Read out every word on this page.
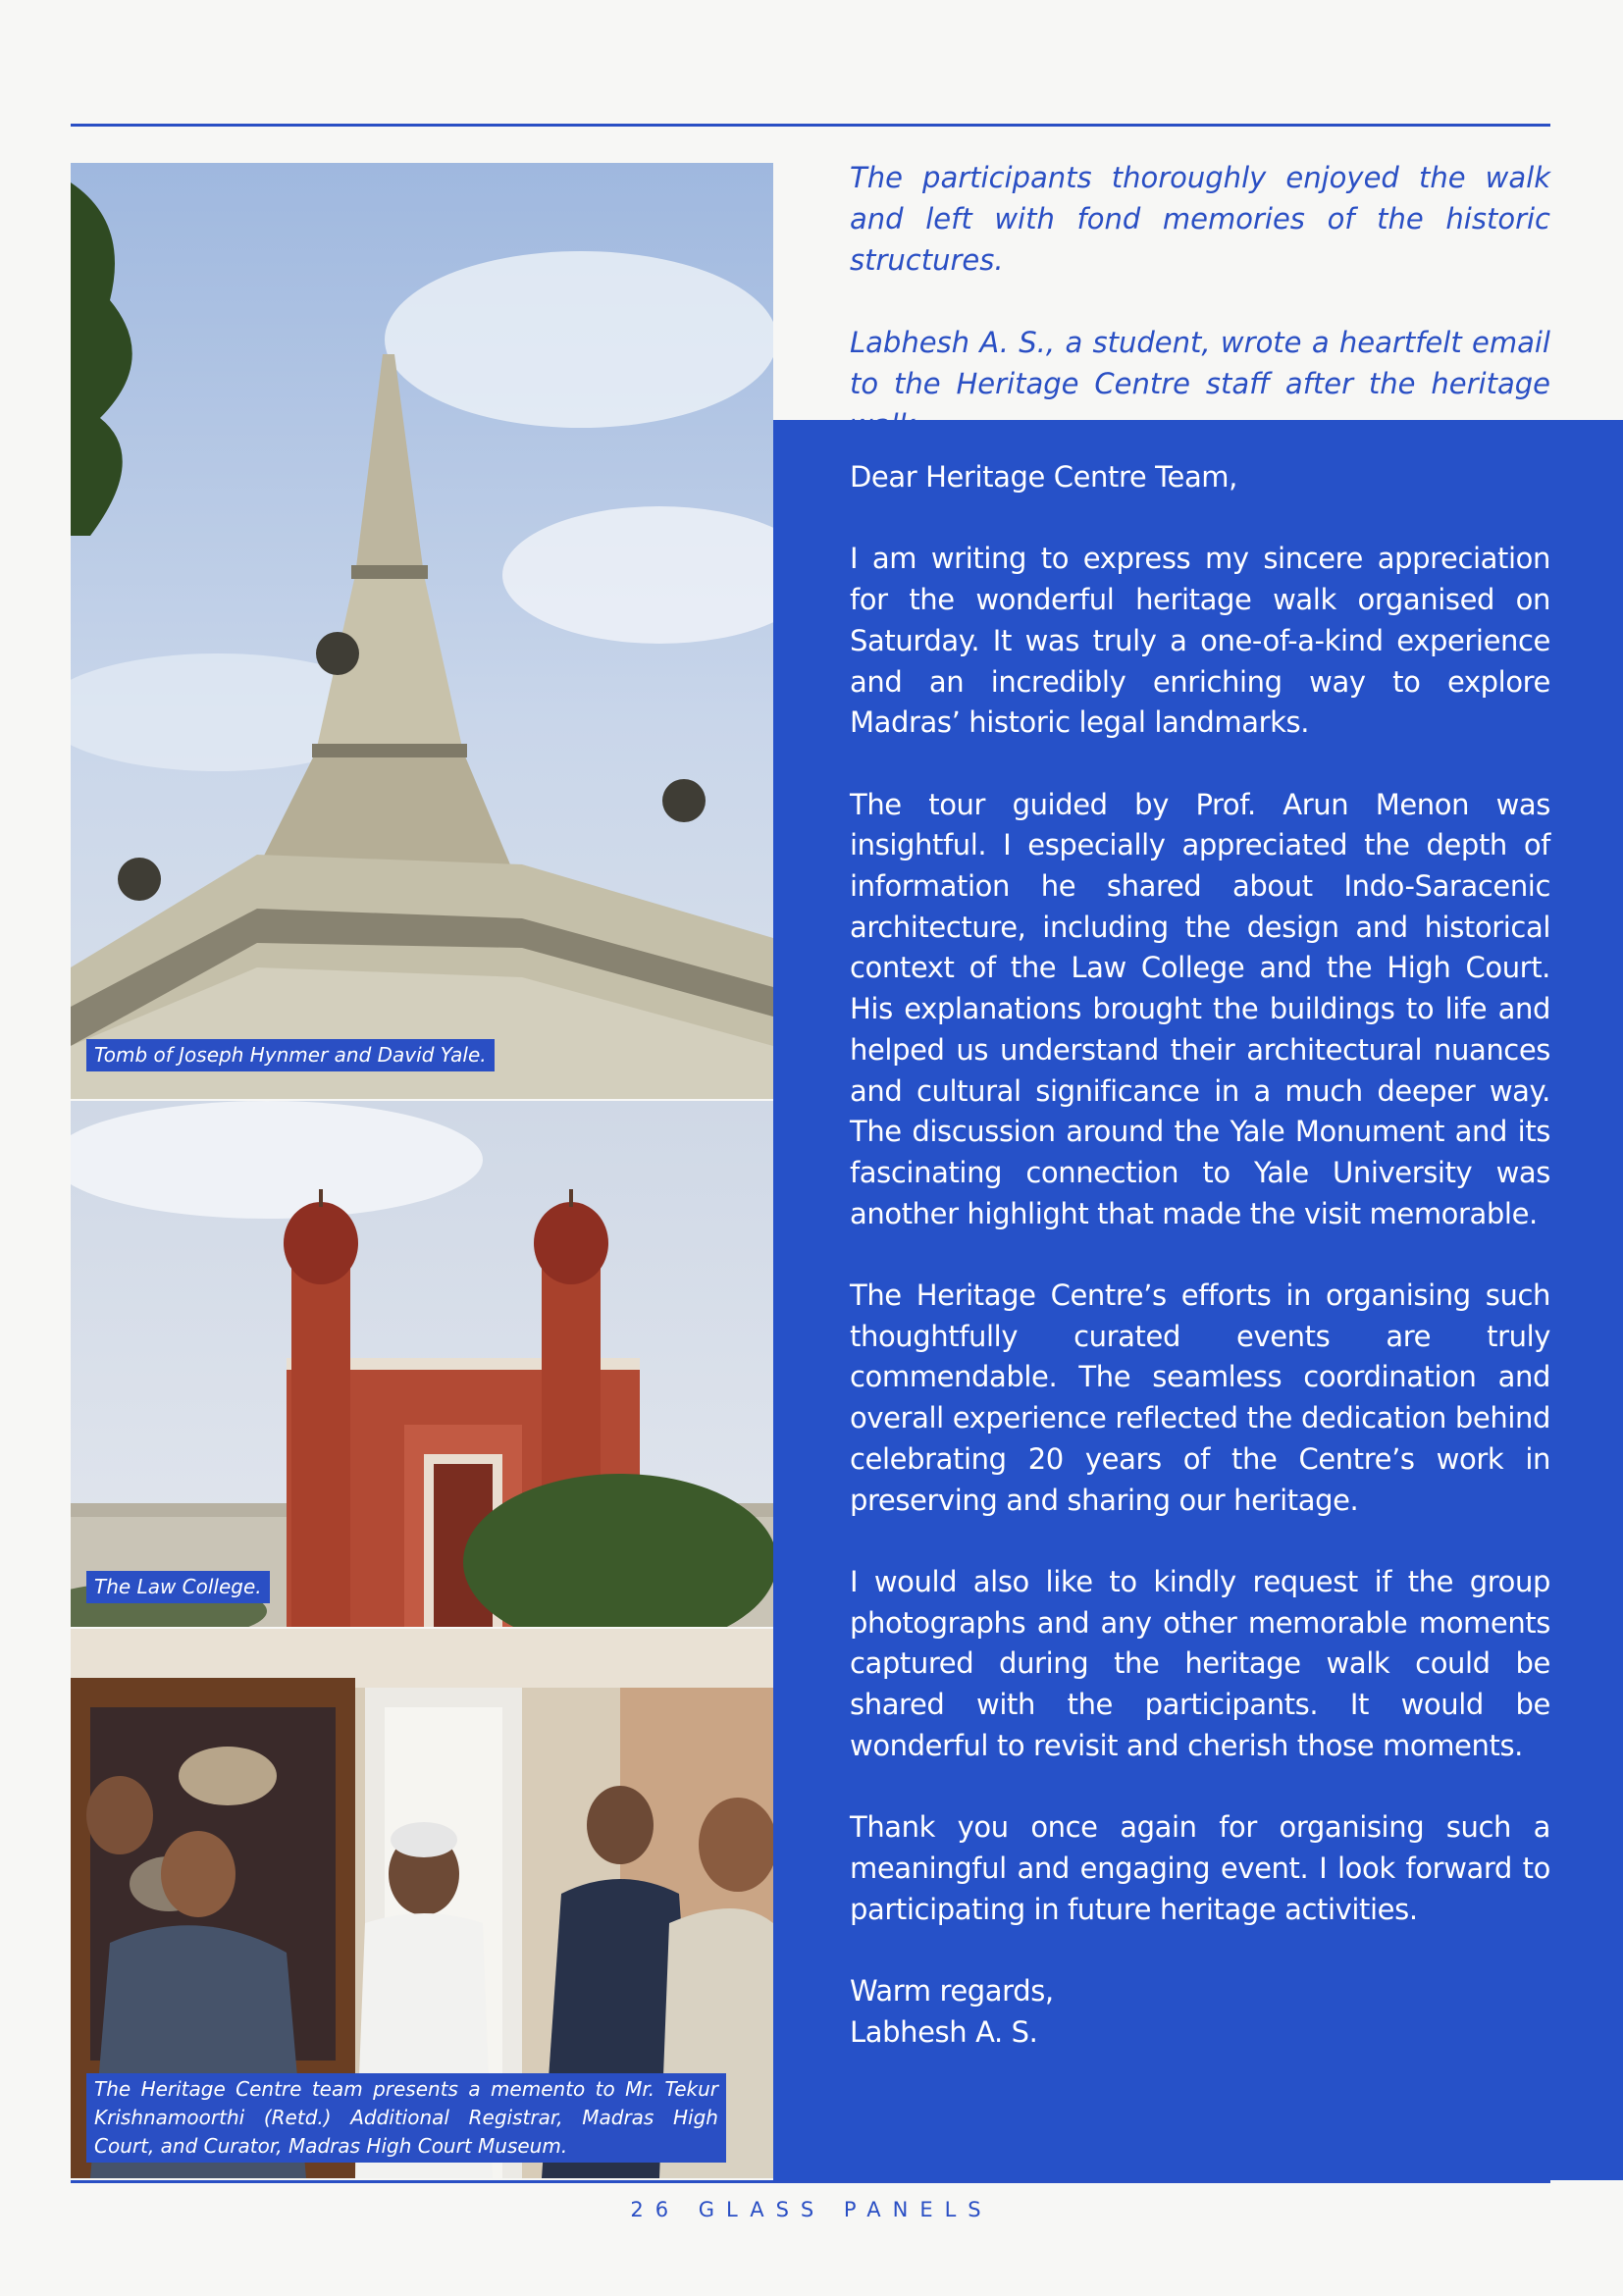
Tomb of Joseph Hynmer and David Yale.
The Law College.
The Heritage Centre team presents a memento to Mr. Tekur Krishnamoorthi (Retd.) Additional Registrar, Madras High Court, and Curator, Madras High Court Museum.

The participants thoroughly enjoyed the walk and left with fond memories of the historic structures.

Labhesh A. S., a student, wrote a heartfelt email to the Heritage Centre staff after the heritage

Dear Heritage Centre Team,

I am writing to express my sincere appreciation for the wonderful heritage walk organised on Saturday. It was truly a one-of-a-kind experience and an incredibly enriching way to explore Madras’ historic legal landmarks.

The tour guided by Prof. Arun Menon was insightful. I especially appreciated the depth of information he shared about Indo-Saracenic architecture, including the design and historical context of the Law College and the High Court. His explanations brought the buildings to life and helped us understand their architectural nuances and cultural significance in a much deeper way. The discussion around the Yale Monument and its fascinating connection to Yale University was another highlight that made the visit memorable.

The Heritage Centre’s efforts in organising such thoughtfully curated events are truly commendable. The seamless coordination and overall experience reflected the dedication behind celebrating 20 years of the Centre’s work in preserving and sharing our heritage.

I would also like to kindly request if the group photographs and any other memorable moments captured during the heritage walk could be shared with the participants. It would be wonderful to revisit and cherish those moments.

Thank you once again for organising such a meaningful and engaging event. I look forward to participating in future heritage activities.

Warm regards,

Labhesh A. S.

26 GLASS PANELS
